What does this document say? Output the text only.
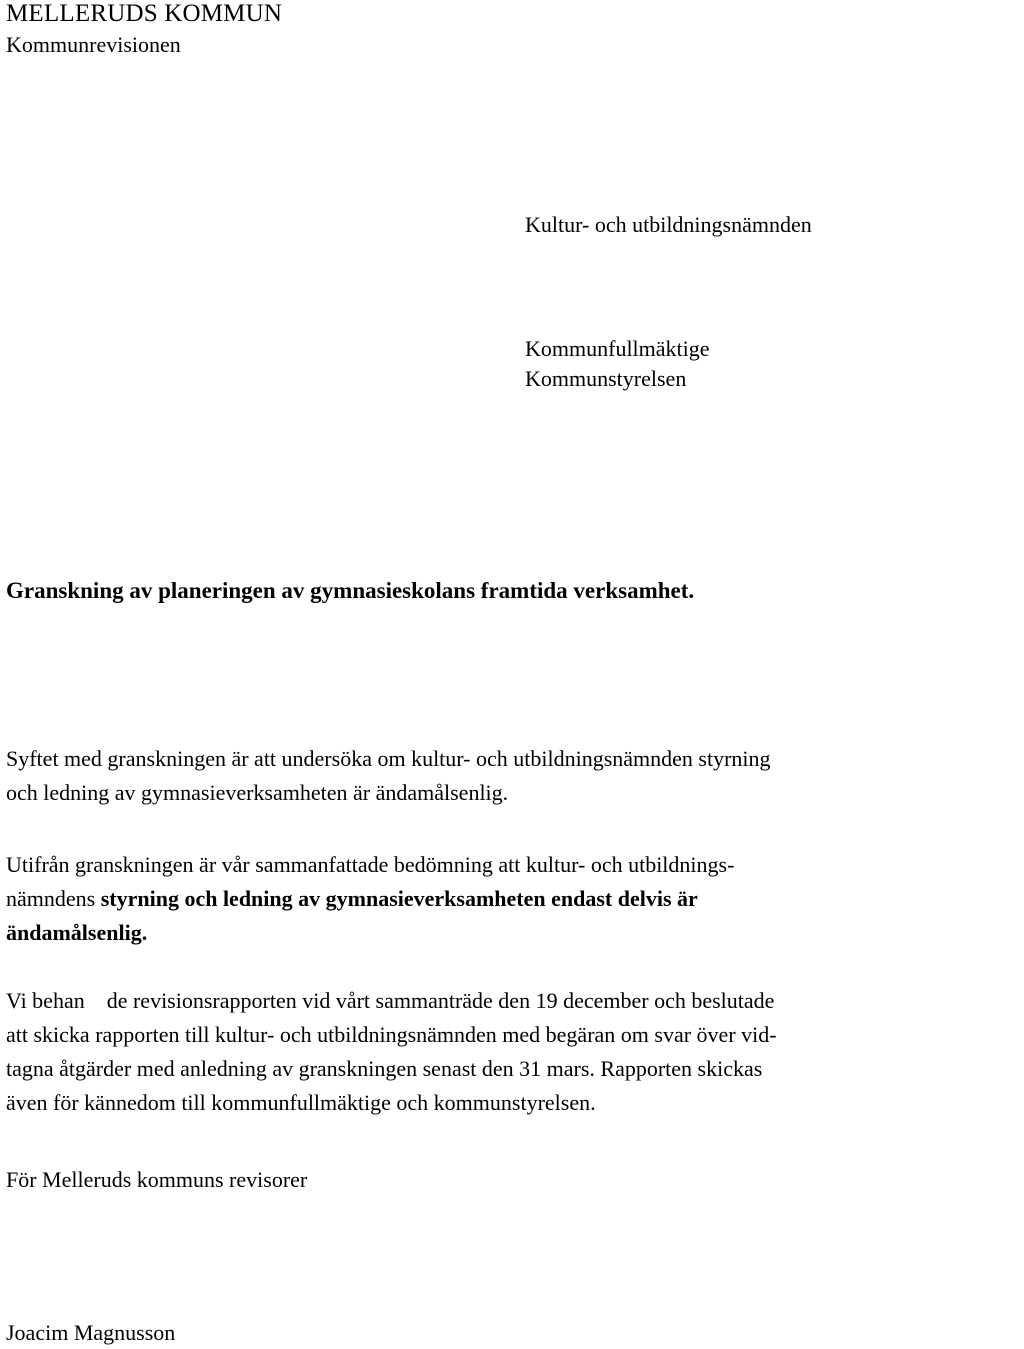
MELLERUDS KOMMUN
Kommunrevisionen
Kultur- och utbildningsnämnden
Kommunfullmäktige
Kommunstyrelsen
Granskning av planeringen av gymnasieskolans framtida verksamhet.
Syftet med granskningen är att undersöka om kultur- och utbildningsnämnden styrning
och ledning av gymnasieverksamheten är ändamålsenlig.
Utifrån granskningen är vår sammanfattade bedömning att kultur- och utbildnings-
nämndens styrning och ledning av gymnasieverksamheten endast delvis är
ändamålsenlig.
Vi behan    de revisionsrapporten vid vårt sammanträde den 19 december och beslutade
att skicka rapporten till kultur- och utbildningsnämnden med begäran om svar över vid-
tagna åtgärder med anledning av granskningen senast den 31 mars. Rapporten skickas
även för kännedom till kommunfullmäktige och kommunstyrelsen.
För Melleruds kommuns revisorer
Joacim Magnusson
